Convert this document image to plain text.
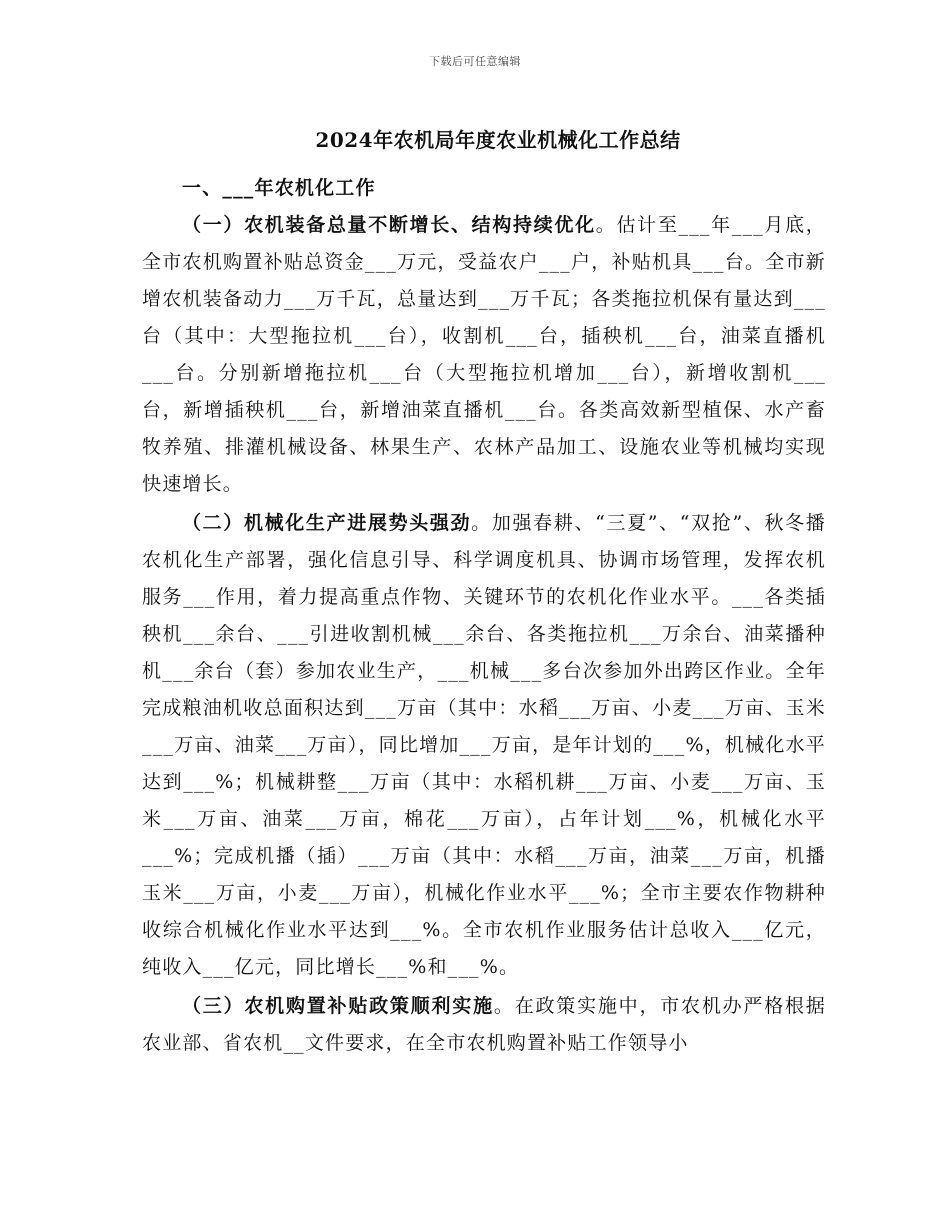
下载后可任意编辑
2024年农机局年度农业机械化工作总结

一、___年农机化工作

（一）农机装备总量不断增长、结构持续优化。估计至___年___月底，全市农机购置补贴总资金___万元，受益农户___户，补贴机具___台。全市新增农机装备动力___万千瓦，总量达到___万千瓦；各类拖拉机保有量达到___台（其中：大型拖拉机___台），收割机___台，插秧机___台，油菜直播机___台。分别新增拖拉机___台（大型拖拉机增加___台），新增收割机___台，新增插秧机___台，新增油菜直播机___台。各类高效新型植保、水产畜牧养殖、排灌机械设备、林果生产、农林产品加工、设施农业等机械均实现快速增长。

（二）机械化生产进展势头强劲。加强春耕、“三夏”、“双抢”、秋冬播农机化生产部署，强化信息引导、科学调度机具、协调市场管理，发挥农机服务___作用，着力提高重点作物、关键环节的农机化作业水平。___各类插秧机___余台、___引进收割机械___余台、各类拖拉机___万余台、油菜播种机___余台（套）参加农业生产，___机械___多台次参加外出跨区作业。全年完成粮油机收总面积达到___万亩（其中：水稻___万亩、小麦___万亩、玉米___万亩、油菜___万亩），同比增加___万亩，是年计划的___%，机械化水平达到___%；机械耕整___万亩（其中：水稻机耕___万亩、小麦___万亩、玉米___万亩、油菜___万亩，棉花___万亩），占年计划___%，机械化水平___%；完成机播（插）___万亩（其中：水稻___万亩，油菜___万亩，机播玉米___万亩，小麦___万亩），机械化作业水平___%；全市主要农作物耕种收综合机械化作业水平达到___%。全市农机作业服务估计总收入___亿元，纯收入___亿元，同比增长___%和___%。

（三）农机购置补贴政策顺利实施。在政策实施中，市农机办严格根据农业部、省农机__文件要求，在全市农机购置补贴工作领导小
